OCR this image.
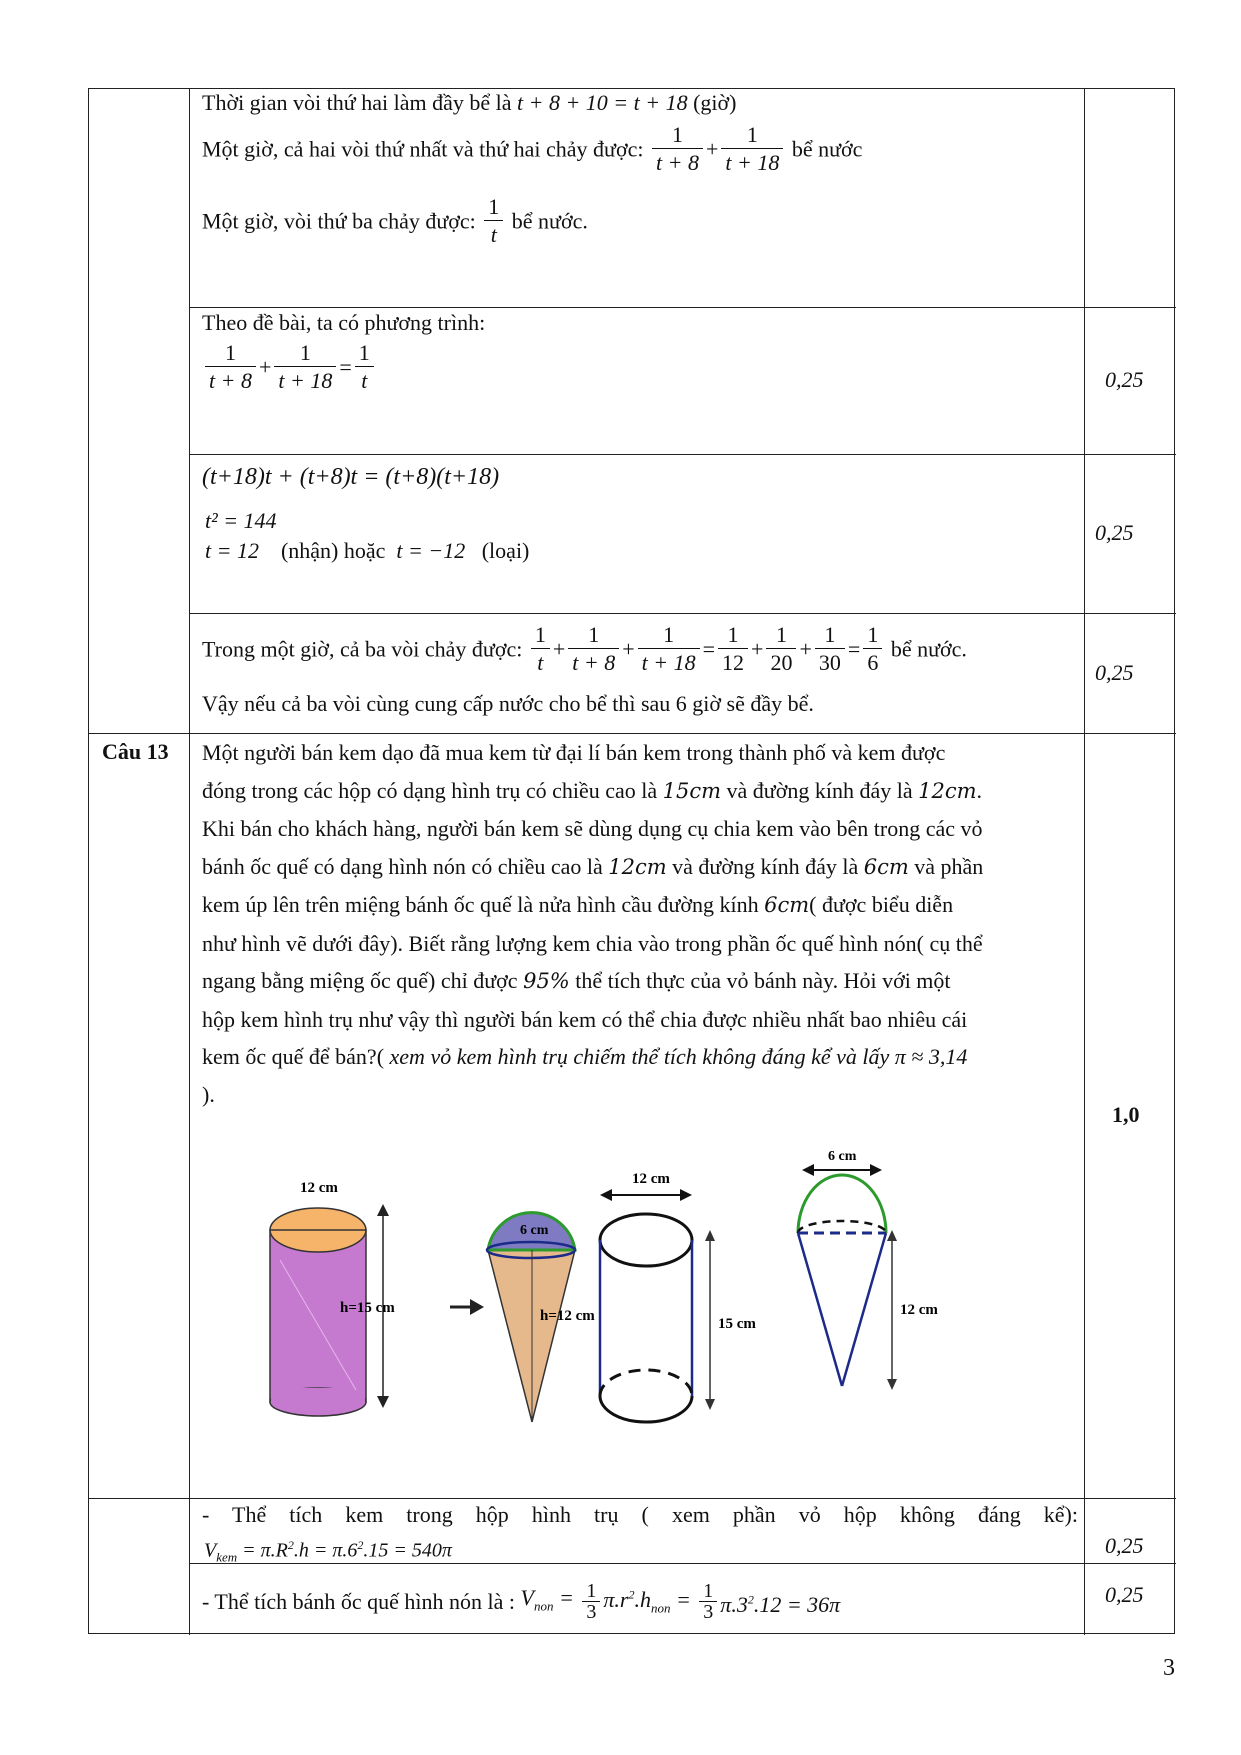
Thời gian vòi thứ hai làm đầy bể là t + 8 + 10 = t + 18 (giờ)
Một giờ, cả hai vòi thứ nhất và thứ hai chảy được: $\frac{1}{t + 8} + \frac{1}{t + 18}$ bể nước
Một giờ, vòi thứ ba chảy được: $\frac{1}{t}$ bể nước.
Theo đề bài, ta có phương trình:
$\frac{1}{t + 8} + \frac{1}{t + 18} = \frac{1}{t}$	0,25
(t+18)t + (t+8)t = (t+8)(t+18)
t² = 144
t = 12 (nhận) hoặc t = −12 (loại)
0,25
Trong một giờ, cả ba vòi chảy được: $\frac{1}{t} + \frac{1}{t + 8} + \frac{1}{t + 18} = \frac{1}{12} + \frac{1}{20} + \frac{1}{30} = \frac{1}{6}$ bể nước.
Vậy nếu cả ba vòi cùng cung cấp nước cho bể thì sau 6 giờ sẽ đầy bể.
0,25
Câu 13 Một người bán kem dạo đã mua kem từ đại lí bán kem trong thành phố và kem được
đóng trong các hộp có dạng hình trụ có chiều cao là 15cm và đường kính đáy là 12cm.
Khi bán cho khách hàng, người bán kem sẽ dùng dụng cụ chia kem vào bên trong các vỏ
bánh ốc quế có dạng hình nón có chiều cao là 12cm và đường kính đáy là 6cm và phần
kem úp lên trên miệng bánh ốc quế là nửa hình cầu đường kính 6cm( được biểu diễn
như hình vẽ dưới đây). Biết rằng lượng kem chia vào trong phần ốc quế hình nón( cụ thể
ngang bằng miệng ốc quế) chỉ được 95% thể tích thực của vỏ bánh này. Hỏi với một
hộp kem hình trụ như vậy thì người bán kem có thể chia được nhiều nhất bao nhiêu cái
kem ốc quế để bán?( xem vỏ kem hình trụ chiếm thể tích không đáng kể và lấy π ≈ 3,14
).
1,0
12 cm
h=15 cm
6 cm
h=12 cm
12 cm
15 cm
6 cm
12 cm
- Thể tích kem trong hộp hình trụ ( xem phần vỏ hộp không đáng kể):
$V_{kem} = \pi.R^2.h = \pi.6^2.15 = 540\pi$	0,25
- Thể tích bánh ốc quế hình nón là : $V_{non} = \frac{1}{3} \pi.r^2.h_{non} = \frac{1}{3} \pi.3^2.12 = 36\pi$	0,25
3
